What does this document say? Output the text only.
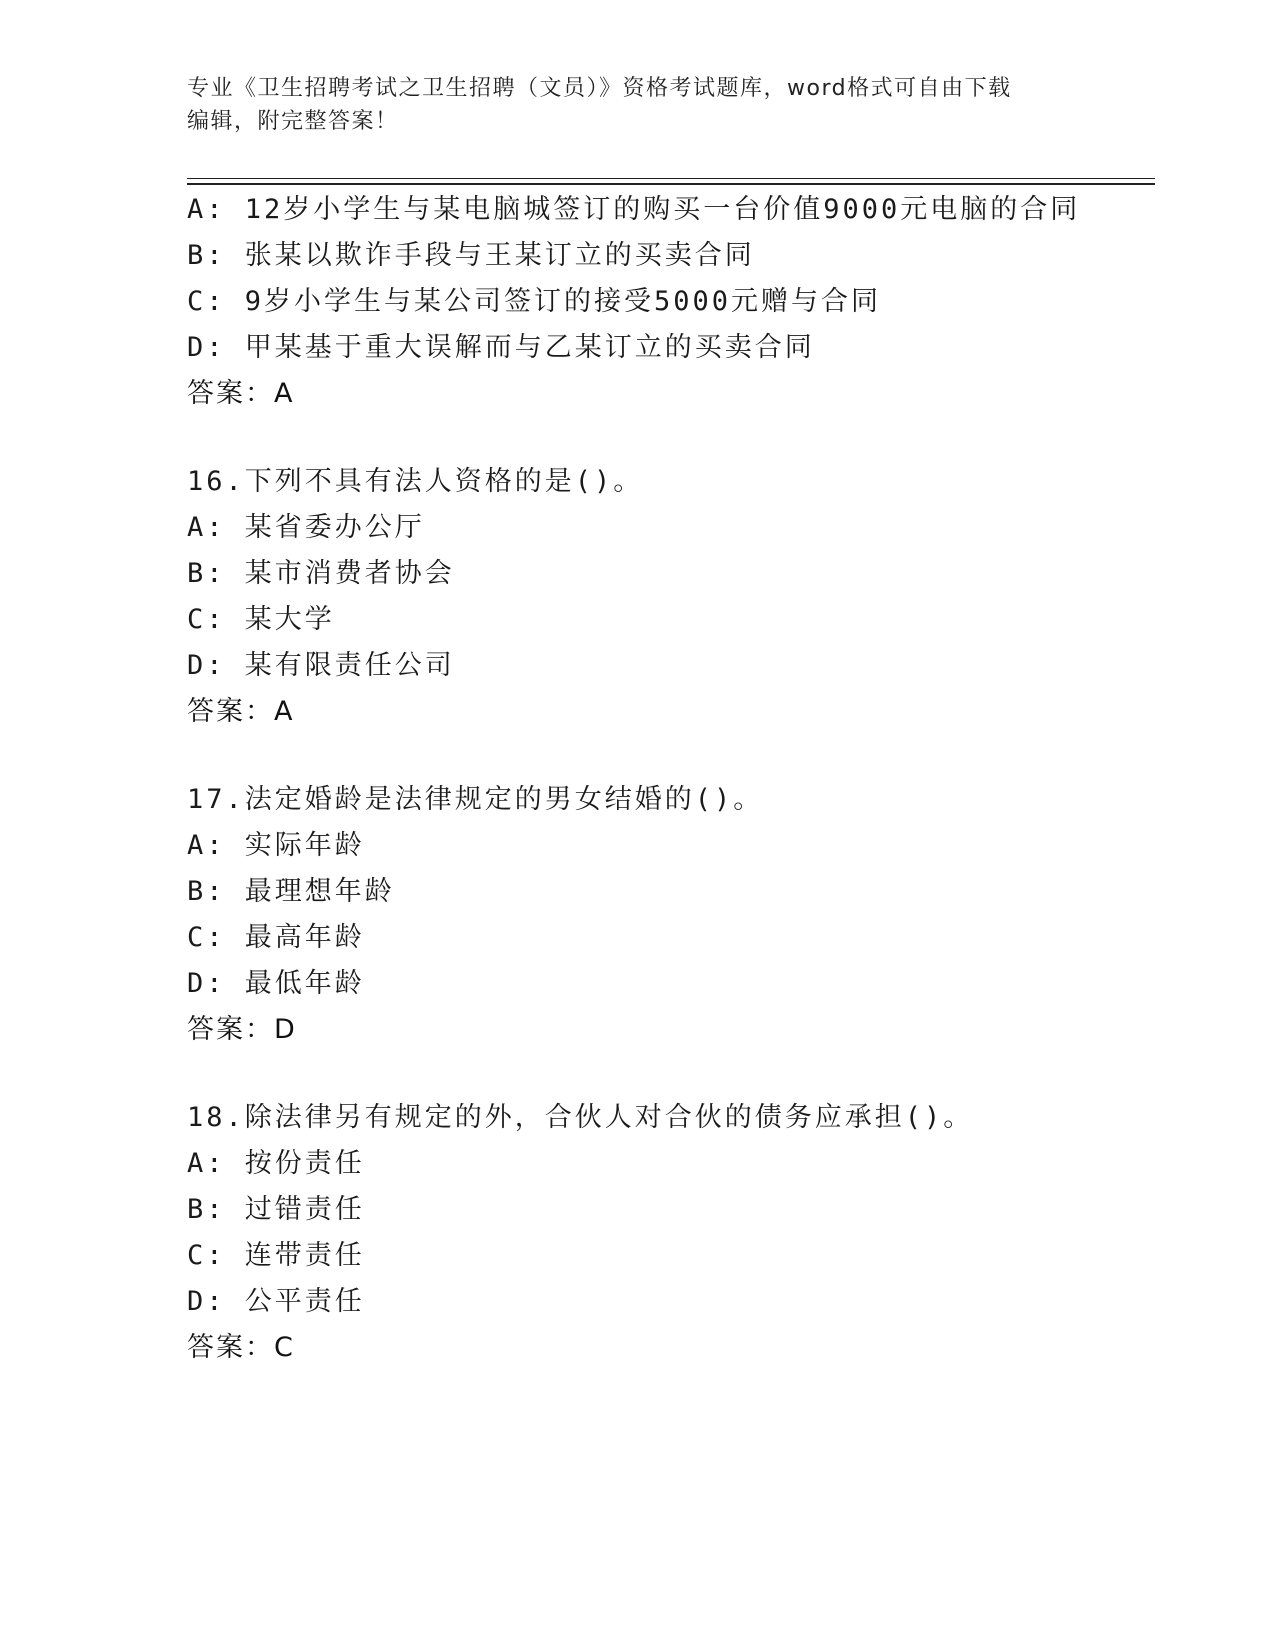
专业《卫生招聘考试之卫生招聘（文员）》资格考试题库，word格式可自由下载
编辑，附完整答案！
A: 12岁小学生与某电脑城签订的购买一台价值9000元电脑的合同
B: 张某以欺诈手段与王某订立的买卖合同
C: 9岁小学生与某公司签订的接受5000元赠与合同
D: 甲某基于重大误解而与乙某订立的买卖合同
答案：A
16.下列不具有法人资格的是()。
A: 某省委办公厅
B: 某市消费者协会
C: 某大学
D: 某有限责任公司
答案：A
17.法定婚龄是法律规定的男女结婚的()。
A: 实际年龄
B: 最理想年龄
C: 最高年龄
D: 最低年龄
答案：D
18.除法律另有规定的外，合伙人对合伙的债务应承担()。
A: 按份责任
B: 过错责任
C: 连带责任
D: 公平责任
答案：C
